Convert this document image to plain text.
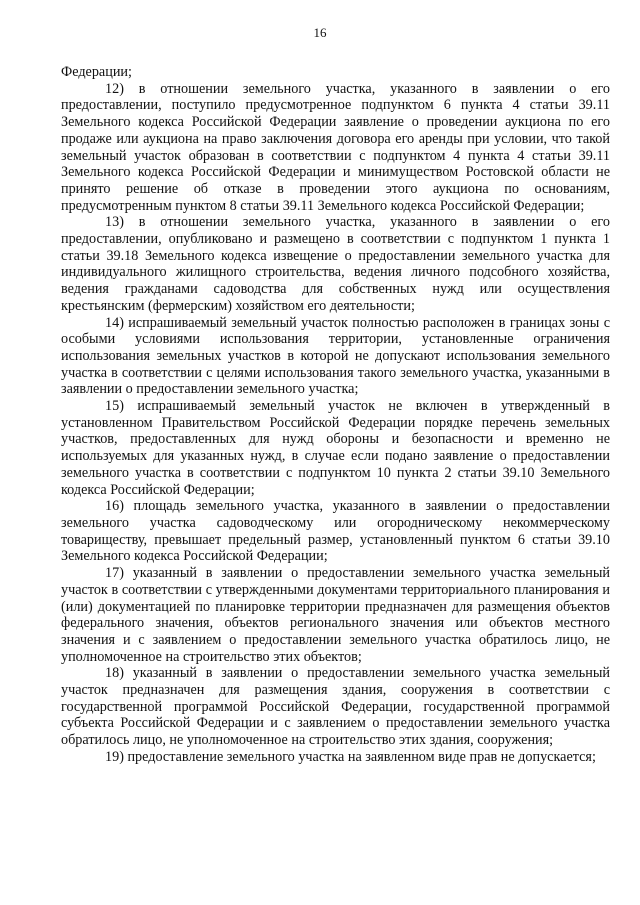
16

Федерации;

12) в отношении земельного участка, указанного в заявлении о его предоставлении, поступило предусмотренное подпунктом 6 пункта 4 статьи 39.11 Земельного кодекса Российской Федерации заявление о проведении аукциона по его продаже или аукциона на право заключения договора его аренды при условии, что такой земельный участок образован в соответствии с подпунктом 4 пункта 4 статьи 39.11 Земельного кодекса Российской Федерации и минимуществом Ростовской области не принято решение об отказе в проведении этого аукциона по основаниям, предусмотренным пунктом 8 статьи 39.11 Земельного кодекса Российской Федерации;

13) в отношении земельного участка, указанного в заявлении о его предоставлении, опубликовано и размещено в соответствии с подпунктом 1 пункта 1 статьи 39.18 Земельного кодекса извещение о предоставлении земельного участка для индивидуального жилищного строительства, ведения личного подсобного хозяйства, ведения гражданами садоводства для собственных нужд или осуществления крестьянским (фермерским) хозяйством его деятельности;

14) испрашиваемый земельный участок полностью расположен в границах зоны с особыми условиями использования территории, установленные ограничения использования земельных участков в которой не допускают использования земельного участка в соответствии с целями использования такого земельного участка, указанными в заявлении о предоставлении земельного участка;

15) испрашиваемый земельный участок не включен в утвержденный в установленном Правительством Российской Федерации порядке перечень земельных участков, предоставленных для нужд обороны и безопасности и временно не используемых для указанных нужд, в случае если подано заявление о предоставлении земельного участка в соответствии с подпунктом 10 пункта 2 статьи 39.10 Земельного кодекса Российской Федерации;

16) площадь земельного участка, указанного в заявлении о предоставлении земельного участка садоводческому или огородническому некоммерческому товариществу, превышает предельный размер, установленный пунктом 6 статьи 39.10 Земельного кодекса Российской Федерации;

17) указанный в заявлении о предоставлении земельного участка земельный участок в соответствии с утвержденными документами территориального планирования и (или) документацией по планировке территории предназначен для размещения объектов федерального значения, объектов регионального значения или объектов местного значения и с заявлением о предоставлении земельного участка обратилось лицо, не уполномоченное на строительство этих объектов;

18) указанный в заявлении о предоставлении земельного участка земельный участок предназначен для размещения здания, сооружения в соответствии с государственной программой Российской Федерации, государственной программой субъекта Российской Федерации и с заявлением о предоставлении земельного участка обратилось лицо, не уполномоченное на строительство этих здания, сооружения;

19) предоставление земельного участка на заявленном виде прав не допускается;
